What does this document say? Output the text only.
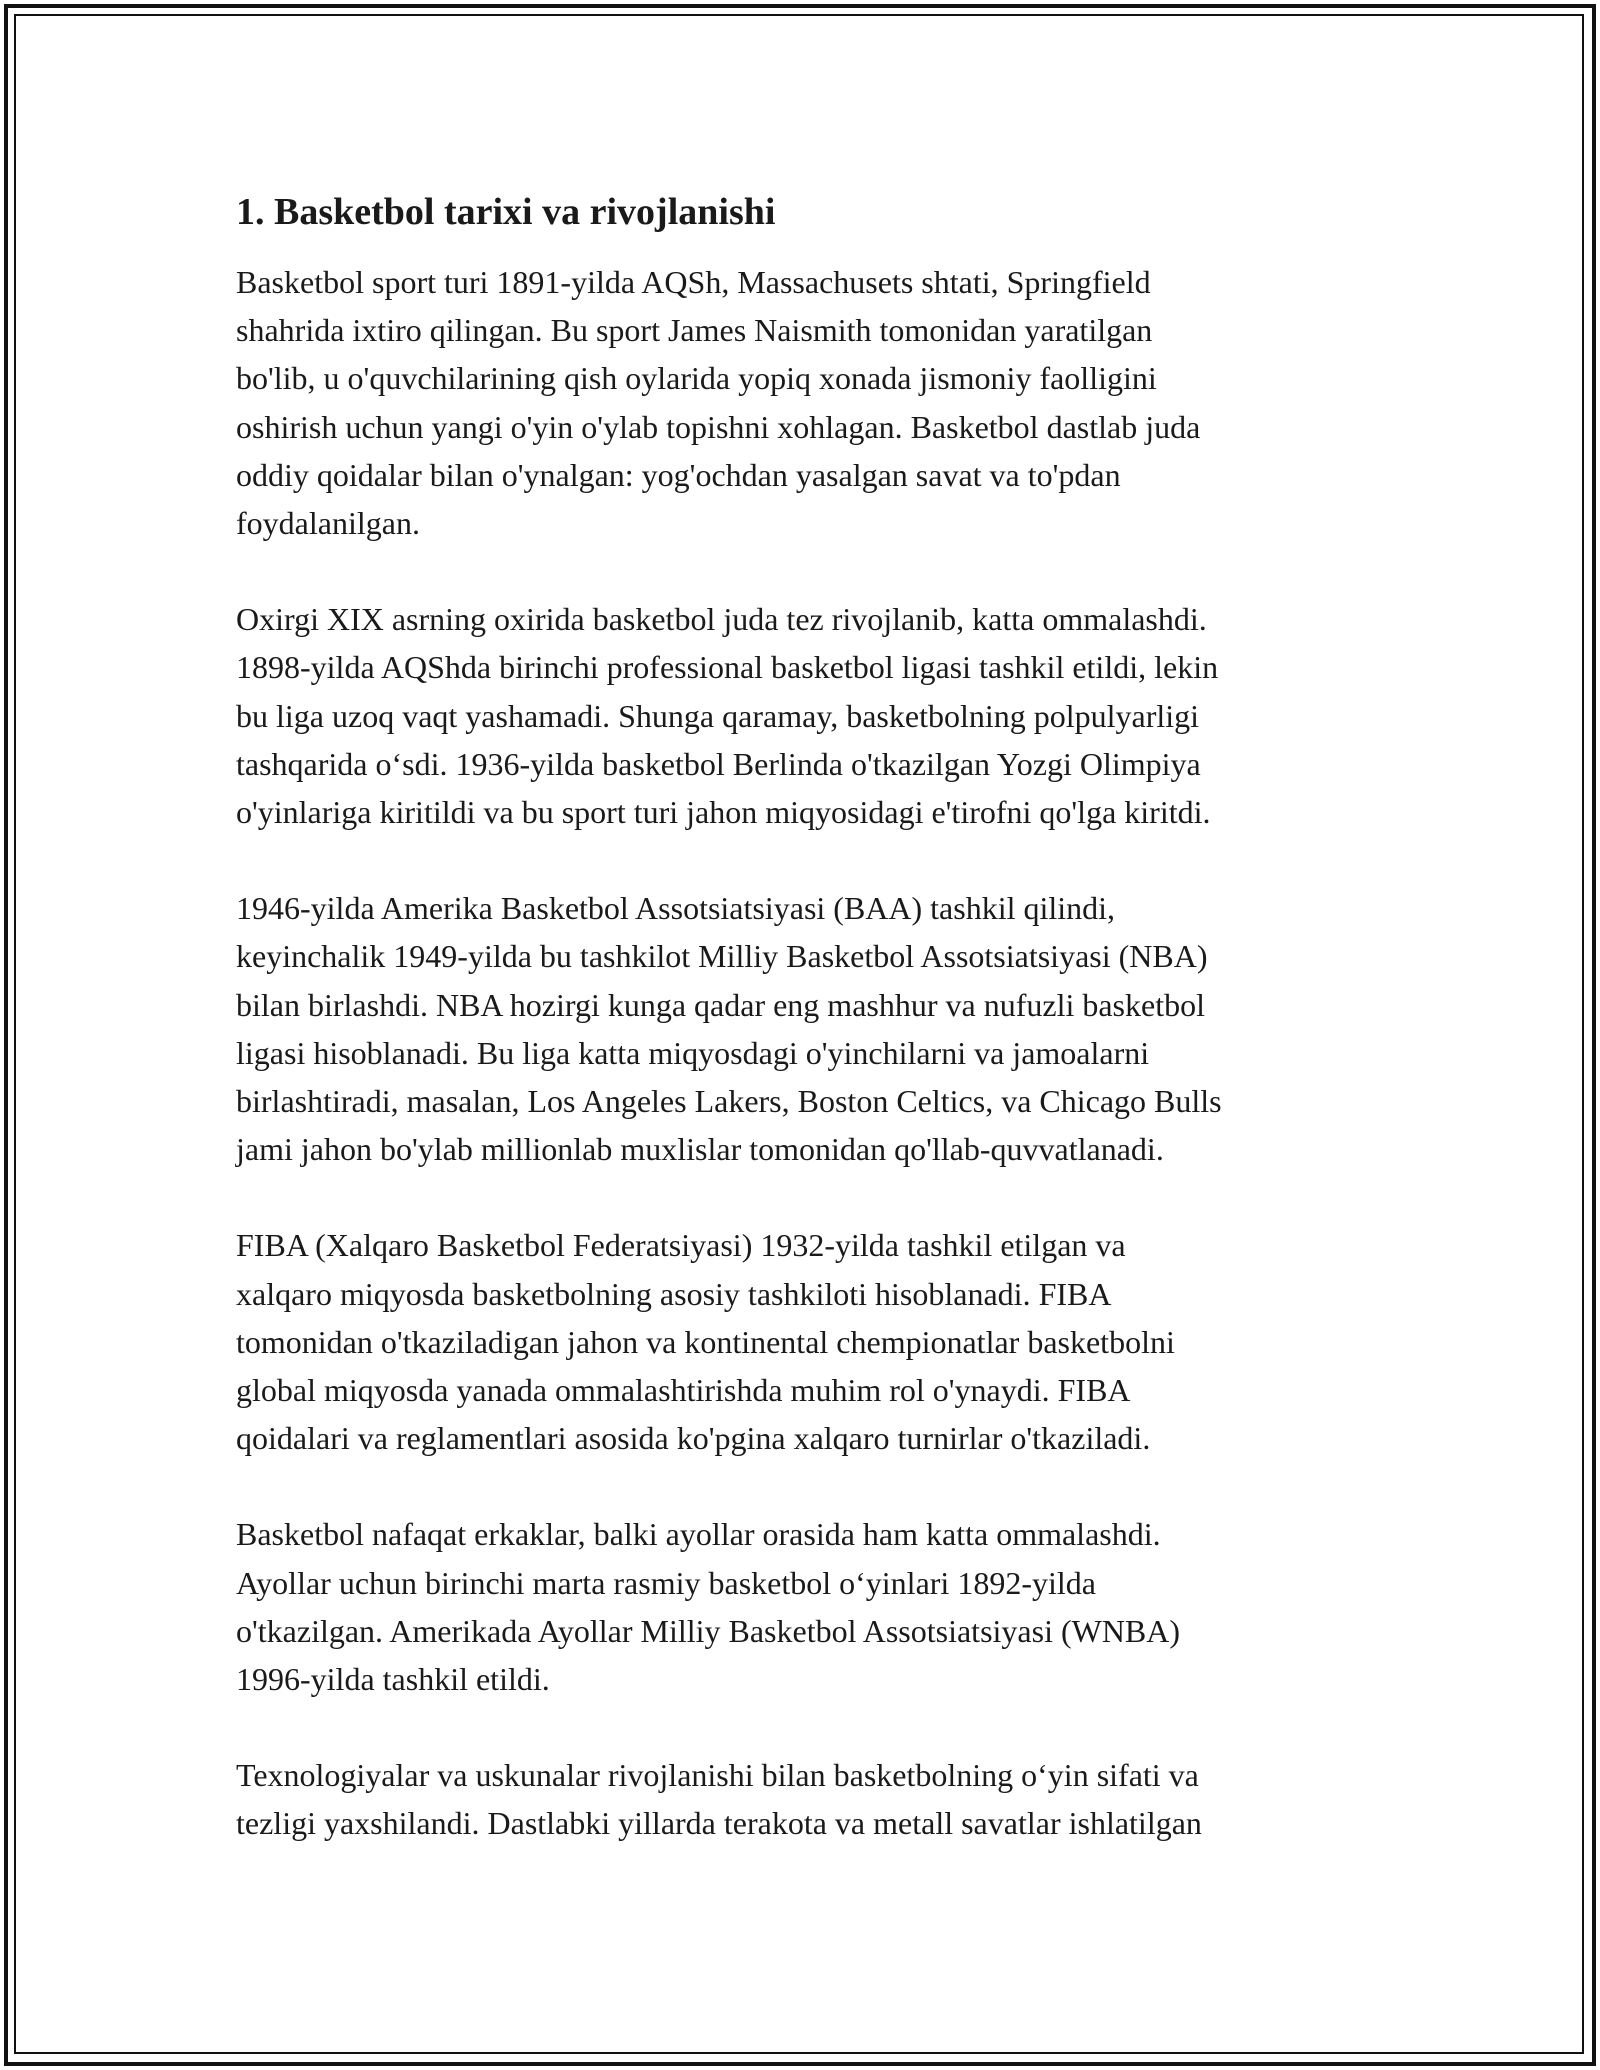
1. Basketbol tarixi va rivojlanishi

Basketbol sport turi 1891-yilda AQSh, Massachusets shtati, Springfield
shahrida ixtiro qilingan. Bu sport James Naismith tomonidan yaratilgan
bo'lib, u o'quvchilarining qish oylarida yopiq xonada jismoniy faolligini
oshirish uchun yangi o'yin o'ylab topishni xohlagan. Basketbol dastlab juda
oddiy qoidalar bilan o'ynalgan: yog'ochdan yasalgan savat va to'pdan
foydalanilgan.

Oxirgi XIX asrning oxirida basketbol juda tez rivojlanib, katta ommalashdi.
1898-yilda AQShda birinchi professional basketbol ligasi tashkil etildi, lekin
bu liga uzoq vaqt yashamadi. Shunga qaramay, basketbolning polpulyarligi
tashqarida o‘sdi. 1936-yilda basketbol Berlinda o'tkazilgan Yozgi Olimpiya
o'yinlariga kiritildi va bu sport turi jahon miqyosidagi e'tirofni qo'lga kiritdi.

1946-yilda Amerika Basketbol Assotsiatsiyasi (BAA) tashkil qilindi,
keyinchalik 1949-yilda bu tashkilot Milliy Basketbol Assotsiatsiyasi (NBA)
bilan birlashdi. NBA hozirgi kunga qadar eng mashhur va nufuzli basketbol
ligasi hisoblanadi. Bu liga katta miqyosdagi o'yinchilarni va jamoalarni
birlashtiradi, masalan, Los Angeles Lakers, Boston Celtics, va Chicago Bulls
jami jahon bo'ylab millionlab muxlislar tomonidan qo'llab-quvvatlanadi.

FIBA (Xalqaro Basketbol Federatsiyasi) 1932-yilda tashkil etilgan va
xalqaro miqyosda basketbolning asosiy tashkiloti hisoblanadi. FIBA
tomonidan o'tkaziladigan jahon va kontinental chempionatlar basketbolni
global miqyosda yanada ommalashtirishda muhim rol o'ynaydi. FIBA
qoidalari va reglamentlari asosida ko'pgina xalqaro turnirlar o'tkaziladi.

Basketbol nafaqat erkaklar, balki ayollar orasida ham katta ommalashdi.
Ayollar uchun birinchi marta rasmiy basketbol o‘yinlari 1892-yilda
o'tkazilgan. Amerikada Ayollar Milliy Basketbol Assotsiatsiyasi (WNBA)
1996-yilda tashkil etildi.

Texnologiyalar va uskunalar rivojlanishi bilan basketbolning o‘yin sifati va
tezligi yaxshilandi. Dastlabki yillarda terakota va metall savatlar ishlatilgan
